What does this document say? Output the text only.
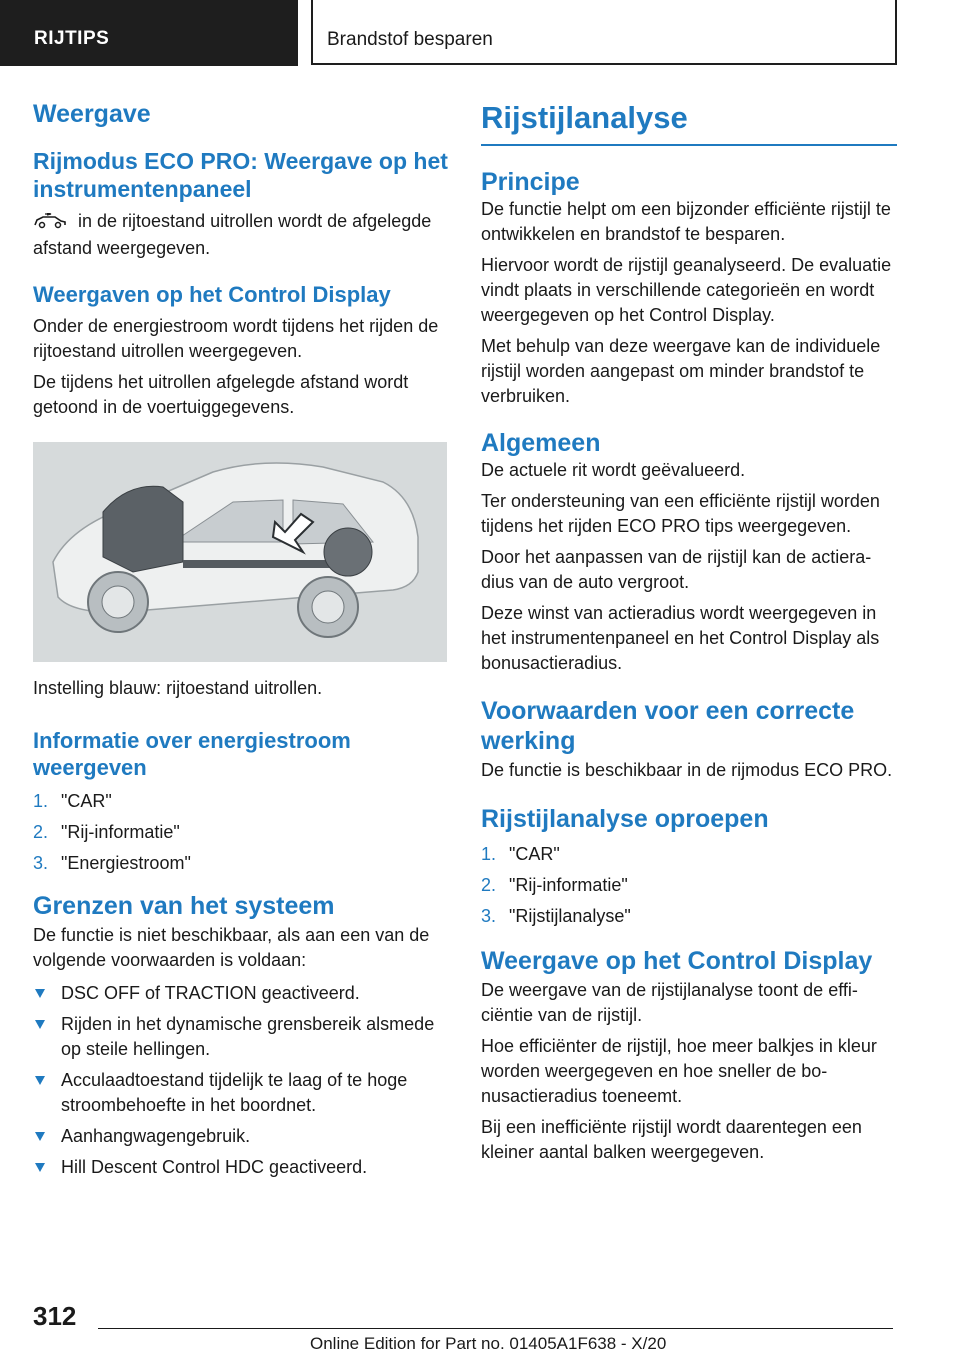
RIJTIPS	Brandstof besparen
Weergave
Rijmodus ECO PRO: Weergave op het instrumentenpaneel

in de rijtoestand uitrollen wordt de afgelegde afstand weergegeven.

Weergaven op het Control Display

Onder de energiestroom wordt tijdens het rijden de rijtoestand uitrollen weergegeven.

De tijdens het uitrollen afgelegde afstand wordt getoond in de voertuiggegevens.

Instelling blauw: rijtoestand uitrollen.

Informatie over energiestroom weergeven
1. "CAR"
2. "Rij-informatie"
3. "Energiestroom"
Grenzen van het systeem

De functie is niet beschikbaar, als aan een van de volgende voorwaarden is voldaan:

DSC OFF of TRACTION geactiveerd.
Rijden in het dynamische grensbereik alsmede op steile hellingen.
Acculaadtoestand tijdelijk te laag of te hoge stroombehoefte in het boordnet.
Aanhangwagengebruik.
Hill Descent Control HDC geactiveerd.
Rijstijlanalyse
Principe

De functie helpt om een bijzonder efficiënte rijstijl te ontwikkelen en brandstof te besparen.

Hiervoor wordt de rijstijl geanalyseerd. De evaluatie vindt plaats in verschillende categorieën en wordt weergegeven op het Control Display.

Met behulp van deze weergave kan de individuele rijstijl worden aangepast om minder brandstof te verbruiken.

Algemeen

De actuele rit wordt geëvalueerd.

Ter ondersteuning van een efficiënte rijstijl worden tijdens het rijden ECO PRO tips weergegeven.

Door het aanpassen van de rijstijl kan de actieradius van de auto vergroot.

Deze winst van actieradius wordt weergegeven in het instrumentenpaneel en het Control Display als bonusactieradius.

Voorwaarden voor een correcte werking

De functie is beschikbaar in de rijmodus ECO PRO.

Rijstijlanalyse oproepen
1. "CAR"
2. "Rij-informatie"
3. "Rijstijlanalyse"
Weergave op het Control Display

De weergave van de rijstijlanalyse toont de efficiëntie van de rijstijl.

Hoe efficiënter de rijstijl, hoe meer balkjes in kleur worden weergegeven en hoe sneller de bonusactieradius toeneemt.

Bij een inefficiënte rijstijl wordt daarentegen een kleiner aantal balken weergegeven.

312
Online Edition for Part no. 01405A1F638 - X/20
